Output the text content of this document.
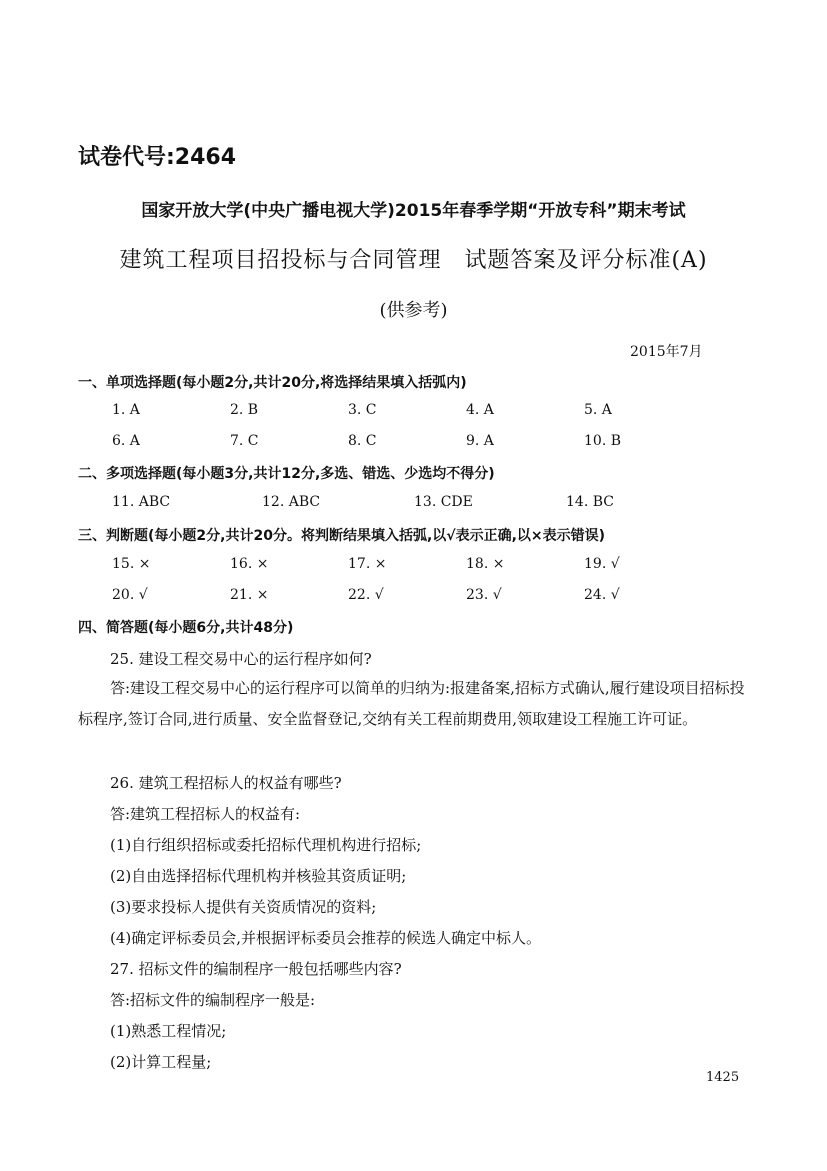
试卷代号:2464
国家开放大学(中央广播电视大学)2015年春季学期“开放专科”期末考试
建筑工程项目招投标与合同管理　试题答案及评分标准(A)
(供参考)
2015年7月
一、单项选择题(每小题2分,共计20分,将选择结果填入括弧内)
1. A	2. B	3. C	4. A	5. A
6. A	7. C	8. C	9. A	10. B
二、多项选择题(每小题3分,共计12分,多选、错选、少选均不得分)
11. ABC	12. ABC	13. CDE	14. BC
三、判断题(每小题2分,共计20分。将判断结果填入括弧,以√表示正确,以×表示错误)
15. ×	16. ×	17. ×	18. ×	19. √
20. √	21. ×	22. √	23. √	24. √
四、简答题(每小题6分,共计48分)
25. 建设工程交易中心的运行程序如何?
答:建设工程交易中心的运行程序可以简单的归纳为:报建备案,招标方式确认,履行建设项目招标投标程序,签订合同,进行质量、安全监督登记,交纳有关工程前期费用,领取建设工程施工许可证。
26. 建筑工程招标人的权益有哪些?
答:建筑工程招标人的权益有:
(1)自行组织招标或委托招标代理机构进行招标;
(2)自由选择招标代理机构并核验其资质证明;
(3)要求投标人提供有关资质情况的资料;
(4)确定评标委员会,并根据评标委员会推荐的候选人确定中标人。
27. 招标文件的编制程序一般包括哪些内容?
答:招标文件的编制程序一般是:
(1)熟悉工程情况;
(2)计算工程量;
1425
